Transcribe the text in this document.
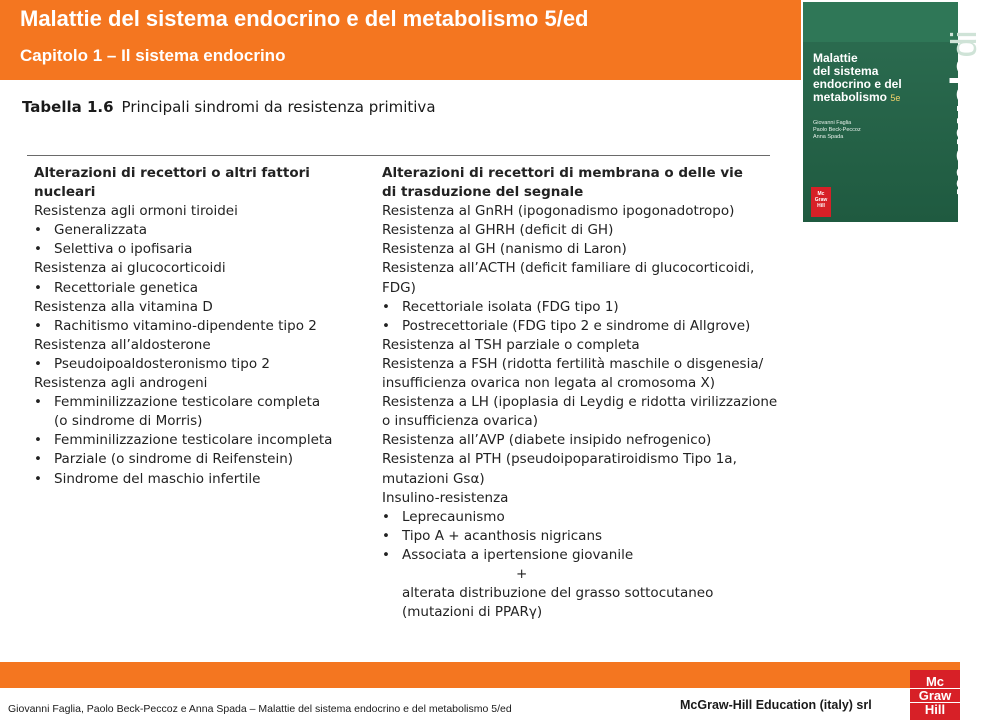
Malattie del sistema endocrino e del metabolismo 5/ed
Capitolo 1 – Il sistema endocrino	Malattie
del sistema
endocrino e del
metabolismo 5e
Giovanni Faglia
Paolo Beck-Peccoz
Anna Spada	manualedi
Mc
Graw
Hill
Tabella 1.6 Principali sindromi da resistenza primitiva
Alterazioni di recettori o altri fattori nucleari
Resistenza agli ormoni tiroidei
• Generalizzata
• Selettiva o ipofisaria
Resistenza ai glucocorticoidi
• Recettoriale genetica
Resistenza alla vitamina D
• Rachitismo vitamino-dipendente tipo 2
Resistenza all’aldosterone
• Pseudoipoaldosteronismo tipo 2
Resistenza agli androgeni
• Femminilizzazione testicolare completa
(o sindrome di Morris)
• Femminilizzazione testicolare incompleta
• Parziale (o sindrome di Reifenstein)
• Sindrome del maschio infertile
Alterazioni di recettori di membrana o delle vie
di trasduzione del segnale
Resistenza al GnRH (ipogonadismo ipogonadotropo)
Resistenza al GHRH (deficit di GH)
Resistenza al GH (nanismo di Laron)
Resistenza all’ACTH (deficit familiare di glucocorticoidi,
FDG)
• Recettoriale isolata (FDG tipo 1)
• Postrecettoriale (FDG tipo 2 e sindrome di Allgrove)
Resistenza al TSH parziale o completa
Resistenza a FSH (ridotta fertilità maschile o disgenesia/
insufficienza ovarica non legata al cromosoma X)
Resistenza a LH (ipoplasia di Leydig e ridotta virilizzazione
o insufficienza ovarica)
Resistenza all’AVP (diabete insipido nefrogenico)
Resistenza al PTH (pseudoipoparatiroidismo Tipo 1a,
mutazioni Gsα)
Insulino-resistenza
• Leprecaunismo
• Tipo A + acanthosis nigricans
• Associata a ipertensione giovanile
+
alterata distribuzione del grasso sottocutaneo
(mutazioni di PPARγ)
Giovanni Faglia, Paolo Beck-Peccoz e Anna Spada – Malattie del sistema endocrino e del metabolismo 5/ed	McGraw-Hill Education (italy) srl
Mc
Graw
Hill
